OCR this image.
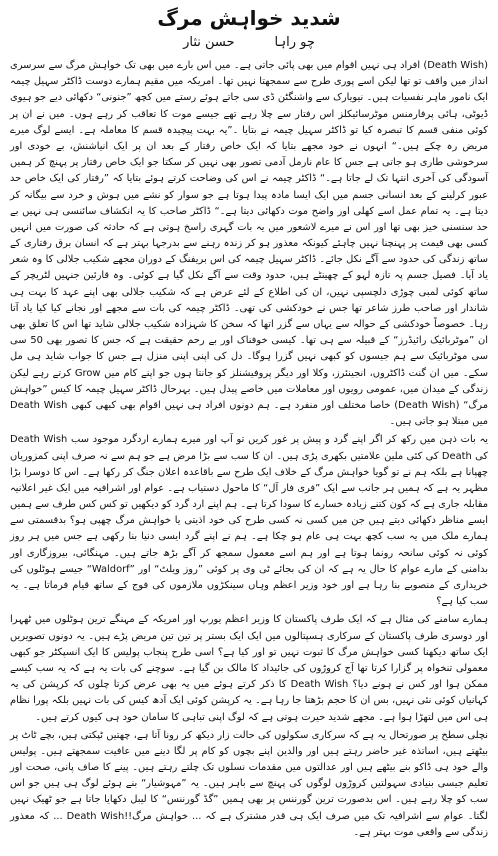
شدید خواہش مرگ
چو راہا
حسن نثار

(Death Wish) افراد ہی نہیں اقوام میں بھی پائی جاتی ہے۔ میں اس بارے میں بھی تک خواہش مرگ سے سرسری انداز میں واقف تو تھا لیکن اسے پوری طرح سے سمجھتا نہیں تھا۔ امریکہ میں مقیم ہمارے دوست ڈاکٹر سہیل چیمہ ایک نامور ماہر نفسیات ہیں۔ نیویارک سے واشنگٹن ڈی سی جاتے ہوئے رستے میں کچھ ”جنونی“ دکھائی دیے جو ہیوی ڈیوٹی، ہائی پرفارمنس موٹرسائیکلز اس رفتار سے چلا رہے تھے جیسے موت کا تعاقب کر رہے ہوں۔ میں نے ان پر کوئی منفی قسم کا تبصرہ کیا تو ڈاکٹر سہیل چیمہ نے بتایا ۔”یہ بہت پیچیدہ قسم کا معاملہ ہے۔ ایسے لوگ میرے مریض رہ چکے ہیں۔“ انہوں نے خود مجھے بتایا کہ ایک خاص رفتار کے بعد ان پر ایک انیاشنش، بے خودی اور سرخوشی طاری ہو جاتی ہے جس کا عام نارمل آدمی تصور بھی نہیں کر سکتا جو ایک خاص رفتار پر پہنچ کر ہمیں آسودگی کی آخری انتہا تک لے جاتا ہے۔“ ڈاکٹر چیمہ نے اس کی وضاحت کرتے ہوئے بتایا کہ ”رفتار کی ایک خاص حد عبور کرلینے کے بعد انسانی جسم میں ایک ایسا مادہ پیدا ہوتا ہے جو سوار کو نشے میں ہوش و خرد سے بیگانہ کر دیتا ہے۔ یہ تمام عمل اسے کھلی اور واضح موت دکھائی دیتا ہے۔“ ڈاکٹر صاحب کا یہ انکشاف سائنسی ہی نہیں بے حد سنسنی خیز بھی تھا اور اس نے میرے لاشعور میں یہ بات گہری راسخ ہوتی ہے کہ حادثہ کی صورت میں انہیں کسی بھی قیمت پر پہنچنا نہیں چاہئے کیونکہ معذور ہو کر زندہ رہنے سے بدرجہا بہتر ہے کہ انسان برق رفتاری کے ساتھ زندگی کی حدود سے آگے نکل جائے۔ ڈاکٹر سہیل چیمہ کی اس بریفنگ کے دوران مجھے شکیب جلالی کا وہ شعر یاد آیا۔ فصیل جسم پہ تازہ لہو کے چھینٹے ہیں، حدود وقت سے آگے نکل گیا ہے کوئی۔ وہ قارئین جنہیں لٹریچر کے ساتھ کوئی لمبی چوڑی دلچسپی نہیں، ان کی اطلاع کے لئے عرض ہے کہ شکیب جلالی بھی اپنے عہد کا بہت ہی شاندار اور صاحب طرز شاعر تھا جس نے خودکشی کی تھی۔ ڈاکٹر چیمہ کی بات سے مجھے اور نجانے کیا کیا یاد آتا رہا۔ خصوصاً خودکشی کے حوالہ سے یہاں سے گزر اتھا کہ سخن کا شہزادہ شکیب جلالی شاید تھا اس کا تعلق بھی ان ”موٹربائیک رائیڈرز“ کے قبیلہ سے ہی تھا۔ کیسی خوفناک اور بے رحم حقیقت ہے کہ جس کا تصور بھی 50 سی سی موٹربائیک سے ہم جیسوں کو کبھی نہیں گزرا ہوگا۔ دل کی اپنی اپنی منزل ہے جس کا جواب شاید ہی مل سکے۔ میں ان گنت ڈاکٹروں، انجینئرز، وکلا اور دیگر پروفیشنلز کو جانتا ہوں جو اپنے کام میں Grow کرتے رہے لیکن زندگی کے میدان میں، عمومی رویوں اور معاملات میں خاصے پیدل ہیں۔ بہرحال ڈاکٹر سہیل چیمہ کا کیس ”خواہش مرگ“ (Death Wish) خاصا مختلف اور منفرد ہے۔ ہم دونوں افراد ہی نہیں اقوام بھی کبھی کبھی Death Wish میں مبتلا ہو جاتی ہیں۔

یہ بات ذہن میں رکھ کر اگر اپنے گرد و پیش پر غور کریں تو آپ اور میرے ہمارے اردگرد موجود سب Death Wish کی Death کی کئی ملین علامتیں بکھری پڑی ہیں۔ ان کا سب سے بڑا مرض ہے جو ہم سے نہ صرف اپنی کمزوریاں چھپانا ہے بلکہ ہم نے تو گویا خواہش مرگ کے خلاف ایک طرح سے باقاعدہ اعلان جنگ کر رکھا ہے۔ اس کا دوسرا بڑا مظہر یہ ہے کہ ہمیں ہر جانب سے ایک ”فری فار آل“ کا ماحول دستیاب ہے۔ عوام اور اشرافیہ میں ایک غیر اعلانیہ مقابلہ جاری ہے کہ کون کتنے زیادہ خسارے کا سودا کرتا ہے۔ ہم اپنے ارد گرد کو دیکھیں تو کس کس طرف سے ہمیں ایسے مناظر دکھائی دیتے ہیں جن میں کسی نہ کسی طرح کی خود اذیتی یا خواہش مرگ چھپی ہو؟ بدقسمتی سے ہمارے ملک میں یہ سب کچھ بہت ہی عام ہو چکا ہے۔ ہم نے اپنے گرد ایسی دنیا بنا رکھی ہے جس میں ہر روز کوئی نہ کوئی سانحہ رونما ہوتا ہے اور ہم اسے معمول سمجھ کر آگے بڑھ جاتے ہیں۔ مہنگائی، بیروزگاری اور بدامنی کے مارے عوام کا حال یہ ہے کہ ان کی بجائے ٹی وی پر کوئی ”روز ویلٹ“ اور ”Waldorf“ جیسے ہوٹلوں کی خریداری کے منصوبے بنا رہا ہے اور خود وزیر اعظم وہاں سینکڑوں ملازموں کی فوج کے ساتھ قیام فرماتا ہے۔ یہ سب کیا ہے؟

ہمارے سامنے کی مثال ہے کہ ایک طرف پاکستان کا وزیر اعظم یورپ اور امریکہ کے مہنگے ترین ہوٹلوں میں ٹھہرا اور دوسری طرف پاکستان کے سرکاری ہسپتالوں میں ایک ایک بستر پر تین تین مریض پڑے ہیں۔ یہ دونوں تصویریں ایک ساتھ دیکھنا کسی خواہش مرگ کا ثبوت نہیں تو اور کیا ہے؟ اسی طرح پنجاب پولیس کا ایک انسپکٹر جو کبھی معمولی تنخواہ پر گزارا کرتا تھا آج کروڑوں کی جائیداد کا مالک بن گیا ہے۔ سوچنے کی بات یہ ہے کہ یہ سب کیسے ممکن ہوا اور کس نے ہونے دیا؟ Death Wish کا ذکر کرتے ہوئے میں یہ بھی عرض کرتا چلوں کہ کرپشن کی یہ کہانیاں کوئی نئی نہیں، بس ان کا حجم بڑھتا جا رہا ہے۔ یہ کرپشن کوئی ایک آدھ کیس کی بات نہیں بلکہ پورا نظام ہی اس میں لتھڑا ہوا ہے۔ مجھے شدید حیرت ہوتی ہے کہ لوگ اپنی تباہی کا سامان خود ہی کیوں کرتے ہیں۔

نچلی سطح پر صورتحال یہ ہے کہ سرکاری سکولوں کی حالت زار دیکھ کر رونا آتا ہے، چھتیں ٹپکتی ہیں، بچے ٹاٹ پر بیٹھتے ہیں، اساتذہ غیر حاضر رہتے ہیں اور والدین اپنے بچوں کو کام پر لگا دینے میں عافیت سمجھتے ہیں۔ پولیس والے خود ہی ڈاکو بنے بیٹھے ہیں اور عدالتوں میں مقدمات نسلوں تک چلتے رہتے ہیں۔ پینے کا صاف پانی، صحت اور تعلیم جیسی بنیادی سہولتیں کروڑوں لوگوں کی پہنچ سے باہر ہیں۔ یہ ”مہوشیار“ بنے ہوئے لوگ ہی ہیں جو اس سب کو چلا رہے ہیں۔ اس بدصورت ترین گورننس پر بھی ہمیں ”گڈ گورننس“ کا لیبل دکھایا جاتا ہے جو ٹھیک نہیں لگتا۔ عوام سے اشرافیہ تک میں صرف ایک ہی قدر مشترک ہے کہ ... خواہش مرگ!!Death Wish ... کہ معذور زندگی سے واقعی موت بہتر ہے۔
